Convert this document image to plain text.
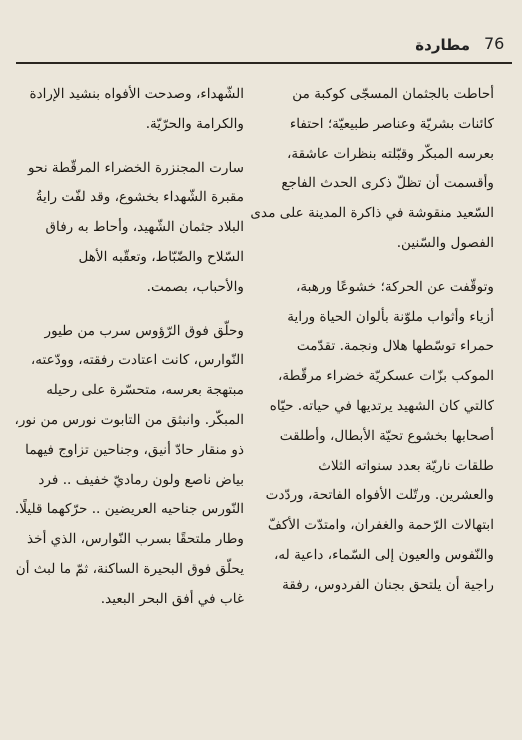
76
مطاردة

أحاطت بالجثمان المسجّى كوكبة من
كائنات بشريّة وعناصر طبيعيّة؛ احتفاء
بعرسه المبكّر وقبّلته بنظرات عاشقة،
وأقسمت أن تظلّ ذكرى الحدث الفاجع
السّعيد منقوشة في ذاكرة المدينة على مدى
الفصول والسّنين.

وتوقّفت عن الحركة؛ خشوعًا ورهبة،
أزياء وأثواب ملوّنة بألوان الحياة وراية
حمراء توسّطها هلال ونجمة. تقدّمت
الموكب بزّات عسكريّة خضراء مرقّطة،
كالتي كان الشهيد يرتديها في حياته. حيّاه
أصحابها بخشوع تحيّة الأبطال، وأطلقت
طلقات ناريّة بعدد سنواته الثلاث
والعشرين. ورتّلت الأفواه الفاتحة، وردّدت
ابتهالات الرّحمة والغفران، وامتدّت الأكفّ
والنّفوس والعيون إلى السّماء، داعية له،
راجية أن يلتحق بجنان الفردوس، رفقة

الشّهداء، وصدحت الأفواه بنشيد الإرادة
والكرامة والحرّيّة.

سارت المجنزرة الخضراء المرقّطة نحو
مقبرة الشّهداء بخشوع، وقد لفّت رايةُ
البلاد جثمان الشّهيد، وأحاط به رفاق
السّلاح والضّبّاط، وتعقّبه الأهل
والأحباب، بصمت.

وحلّق فوق الرّؤوس سرب من طيور
النّوارس، كانت اعتادت رفقته، وودّعته،
مبتهجة بعرسه، متحسّرة على رحيله
المبكّر. وانبثق من التابوت نورس من نور،
ذو منقار حادّ أنيق، وجناحين تزاوج فيهما
بياض ناصع ولون رماديّ خفيف .. فرد
النّورس جناحيه العريضين .. حرّكهما قليلًا.
وطار ملتحقًا بسرب النّوارس، الذي أخذ
يحلّق فوق البحيرة الساكنة، ثمّ ما لبث أن
غاب في أفق البحر البعيد.
